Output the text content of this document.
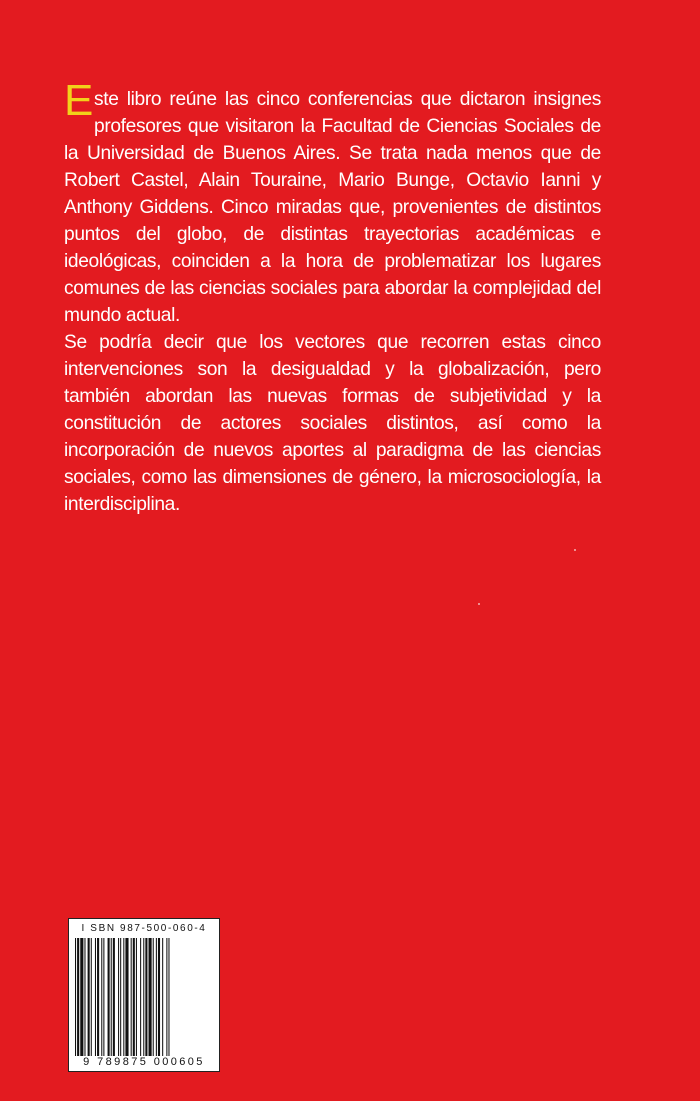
Este libro reúne las cinco conferencias que dictaron insignes profesores que visitaron la Facultad de Ciencias Sociales de la Universidad de Buenos Aires. Se trata nada menos que de Robert Castel, Alain Touraine, Mario Bunge, Octavio Ianni y Anthony Giddens. Cinco miradas que, provenientes de distintos puntos del globo, de distintas trayectorias académicas e ideológicas, coinciden a la hora de problematizar los lugares comunes de las ciencias sociales para abordar la complejidad del mundo actual.

Se podría decir que los vectores que recorren estas cinco intervenciones son la desigualdad y la globalización, pero también abordan las nuevas formas de subjetividad y la constitución de actores sociales distintos, así como la incorporación de nuevos aportes al paradigma de las ciencias sociales, como las dimensiones de género, la microsociología, la interdisciplina.

I SBN 987-500-060-4
9 789875 000605
